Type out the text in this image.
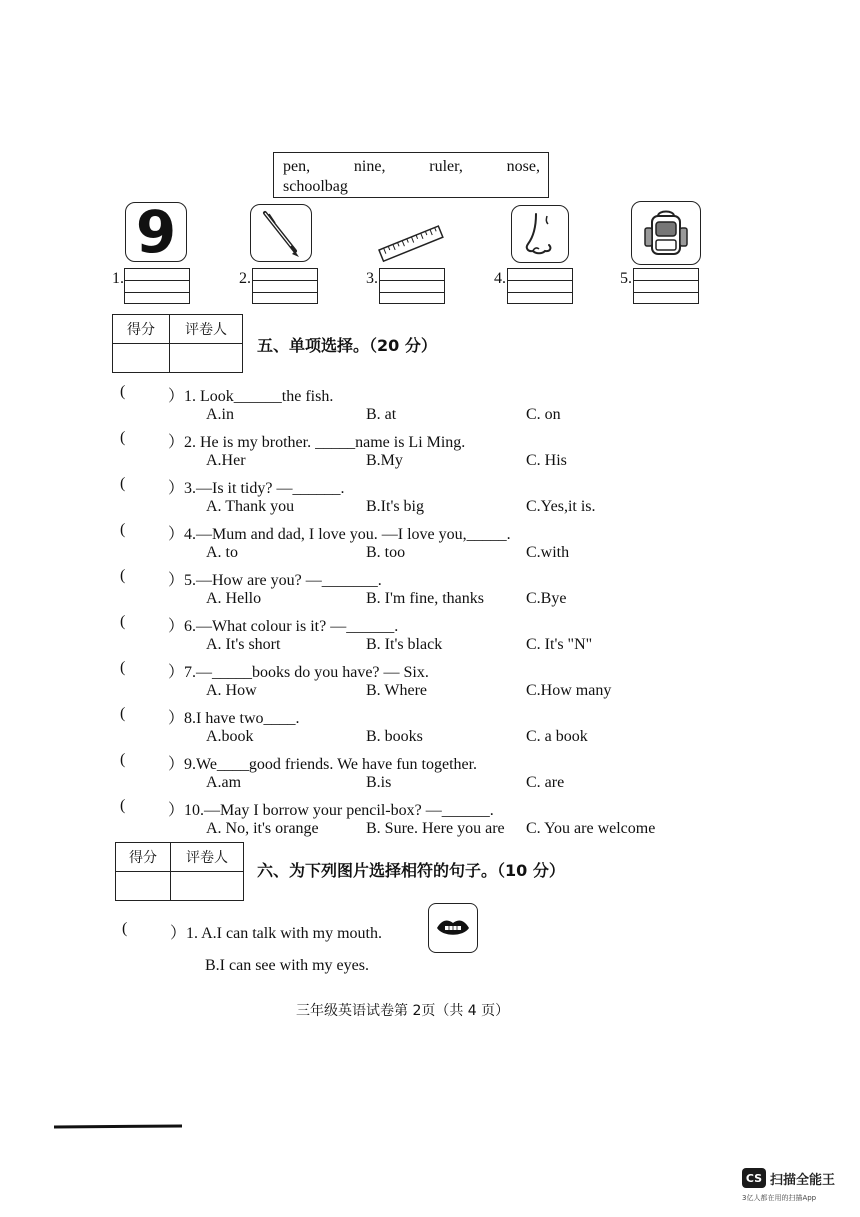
pen,	nine,	ruler,	nose,
schoolbag
9
1.	2.	3.	4.	5.
得分	评卷人

五、单项选择。（20 分）
(	）1. Look______the fish.
A.in	B. at	C. on
(	）2. He is my brother. _____name is Li Ming.
A.Her	B.My	C. His
(	）3.—Is it tidy? —______.
A. Thank you	B.It's big	C.Yes,it is.
(	）4.—Mum and dad, I love you. —I love you,_____.
A. to	B. too	C.with
(	）5.—How are you? —_______.
A. Hello	B. I'm fine, thanks	C.Bye
(	）6.—What colour is it? —______.
A. It's short	B. It's black	C. It's "N"
(	）7.—_____books do you have? — Six.
A. How	B. Where	C.How many
(	）8.I have two____.
A.book	B. books	C. a book
(	）9.We____good friends. We have fun together.
A.am	B.is	C. are
(	）10.—May I borrow your pencil-box? —______.
A. No, it's orange	B. Sure. Here you are C. You are welcome
得分	评卷人

六、为下列图片选择相符的句子。（10 分）
(	）1. A.I can talk with my mouth.
B.I can see with my eyes.
三年级英语试卷第 2页（共 4 页）
CS 扫描全能王
3亿人都在用的扫描App
